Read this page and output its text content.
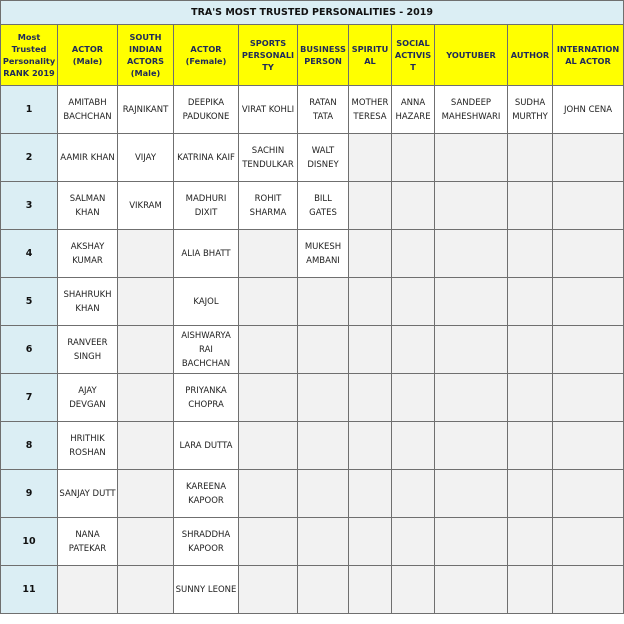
TRA'S MOST TRUSTED PERSONALITIES - 2019										
Most Trusted Personality RANK 2019	ACTOR (Male)	SOUTH INDIAN ACTORS (Male)	ACTOR (Female)	SPORTS PERSONALITY	BUSINESS PERSON	SPIRITUAL	SOCIAL ACTIVIST	YOUTUBER	AUTHOR	INTERNATIONAL ACTOR
1	AMITABH BACHCHAN	RAJNIKANT	DEEPIKA PADUKONE	VIRAT KOHLI	RATAN TATA	MOTHER TERESA	ANNA HAZARE	SANDEEP MAHESHWARI	SUDHA MURTHY	JOHN CENA
2	AAMIR KHAN	VIJAY	KATRINA KAIF	SACHIN TENDULKAR	WALT DISNEY					
3	SALMAN KHAN	VIKRAM	MADHURI DIXIT	ROHIT SHARMA	BILL GATES					
4	AKSHAY KUMAR		ALIA BHATT		MUKESH AMBANI					
5	SHAHRUKH KHAN		KAJOL							
6	RANVEER SINGH		AISHWARYA RAI BACHCHAN							
7	AJAY DEVGAN		PRIYANKA CHOPRA							
8	HRITHIK ROSHAN		LARA DUTTA							
9	SANJAY DUTT		KAREENA KAPOOR							
10	NANA PATEKAR		SHRADDHA KAPOOR							
11			SUNNY LEONE							
